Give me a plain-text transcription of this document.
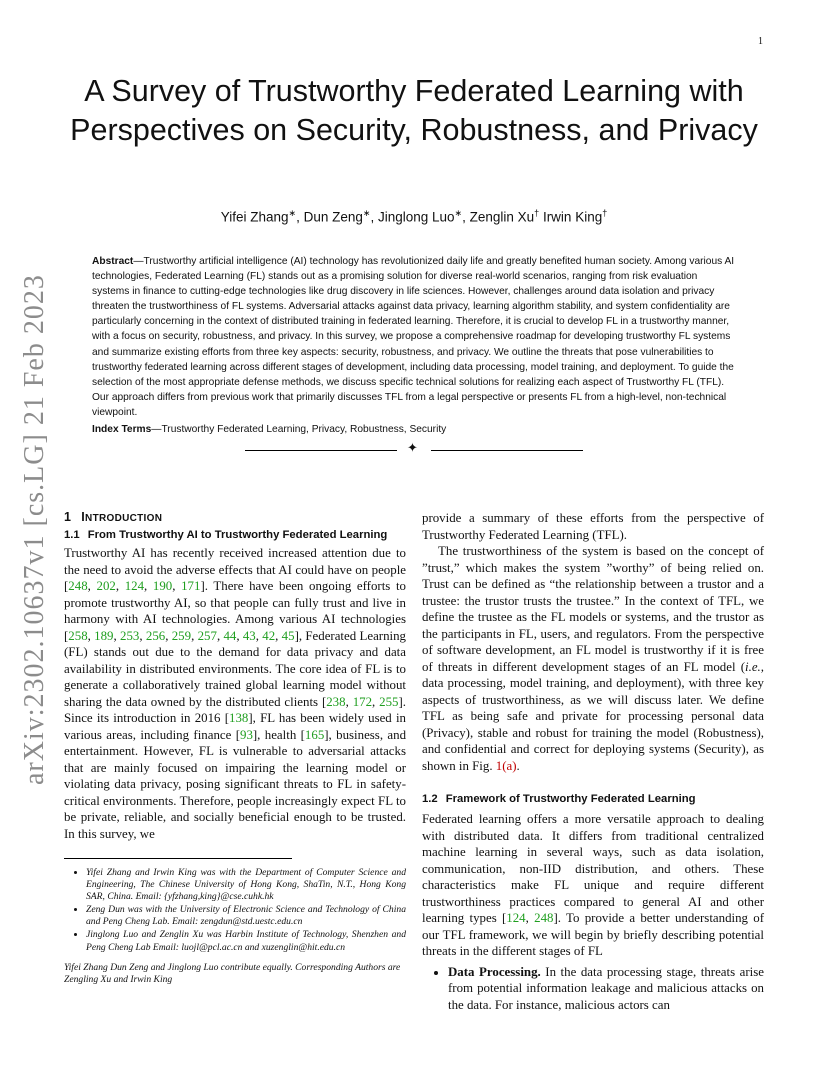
1
arXiv:2302.10637v1 [cs.LG] 21 Feb 2023
A Survey of Trustworthy Federated Learning with Perspectives on Security, Robustness, and Privacy
Yifei Zhang∗, Dun Zeng∗, Jinglong Luo∗, Zenglin Xu† Irwin King†

Abstract—Trustworthy artificial intelligence (AI) technology has revolutionized daily life and greatly benefited human society. Among various AI technologies, Federated Learning (FL) stands out as a promising solution for diverse real-world scenarios, ranging from risk evaluation systems in finance to cutting-edge technologies like drug discovery in life sciences. However, challenges around data isolation and privacy threaten the trustworthiness of FL systems. Adversarial attacks against data privacy, learning algorithm stability, and system confidentiality are particularly concerning in the context of distributed training in federated learning. Therefore, it is crucial to develop FL in a trustworthy manner, with a focus on security, robustness, and privacy. In this survey, we propose a comprehensive roadmap for developing trustworthy FL systems and summarize existing efforts from three key aspects: security, robustness, and privacy. We outline the threats that pose vulnerabilities to trustworthy federated learning across different stages of development, including data processing, model training, and deployment. To guide the selection of the most appropriate defense methods, we discuss specific technical solutions for realizing each aspect of Trustworthy FL (TFL). Our approach differs from previous work that primarily discusses TFL from a legal perspective or presents FL from a high-level, non-technical viewpoint.

Index Terms—Trustworthy Federated Learning, Privacy, Robustness, Security

✦
1 INTRODUCTION
1.1 From Trustworthy AI to Trustworthy Federated Learning

Trustworthy AI has recently received increased attention due to the need to avoid the adverse effects that AI could have on people [248, 202, 124, 190, 171]. There have been ongoing efforts to promote trustworthy AI, so that people can fully trust and live in harmony with AI technologies. Among various AI technologies [258, 189, 253, 256, 259, 257, 44, 43, 42, 45], Federated Learning (FL) stands out due to the demand for data privacy and data availability in distributed environments. The core idea of FL is to generate a collaboratively trained global learning model without sharing the data owned by the distributed clients [238, 172, 255]. Since its introduction in 2016 [138], FL has been widely used in various areas, including finance [93], health [165], business, and entertainment. However, FL is vulnerable to adversarial attacks that are mainly focused on impairing the learning model or violating data privacy, posing significant threats to FL in safety-critical environments. Therefore, people increasingly expect FL to be private, reliable, and socially beneficial enough to be trusted. In this survey, we

• Yifei Zhang and Irwin King was with the Department of Computer Science and Engineering, The Chinese University of Hong Kong, ShaTin, N.T., Hong Kong SAR, China. Email: {yfzhang,king}@cse.cuhk.hk
• Zeng Dun was with the University of Electronic Science and Technology of China and Peng Cheng Lab. Email: zengdun@std.uestc.edu.cn
• Jinglong Luo and Zenglin Xu was Harbin Institute of Technology, Shenzhen and Peng Cheng Lab Email: luojl@pcl.ac.cn and xuzenglin@hit.edu.cn

Yifei Zhang Dun Zeng and Jinglong Luo contribute equally. Corresponding Authors are Zengling Xu and Irwin King

provide a summary of these efforts from the perspective of Trustworthy Federated Learning (TFL).

The trustworthiness of the system is based on the concept of ”trust,” which makes the system ”worthy” of being relied on. Trust can be defined as “the relationship between a trustor and a trustee: the trustor trusts the trustee.” In the context of TFL, we define the trustee as the FL models or systems, and the trustor as the participants in FL, users, and regulators. From the perspective of software development, an FL model is trustworthy if it is free of threats in different development stages of an FL model (i.e., data processing, model training, and deployment), with three key aspects of trustworthiness, as we will discuss later. We define TFL as being safe and private for processing personal data (Privacy), stable and robust for training the model (Robustness), and confidential and correct for deploying systems (Security), as shown in Fig. 1(a).

1.2 Framework of Trustworthy Federated Learning

Federated learning offers a more versatile approach to dealing with distributed data. It differs from traditional centralized machine learning in several ways, such as data isolation, communication, non-IID distribution, and others. These characteristics make FL unique and require different trustworthiness practices compared to general AI and other learning types [124, 248]. To provide a better understanding of our TFL framework, we will begin by briefly describing potential threats in the different stages of FL

• Data Processing. In the data processing stage, threats arise from potential information leakage and malicious attacks on the data. For instance, malicious actors can
